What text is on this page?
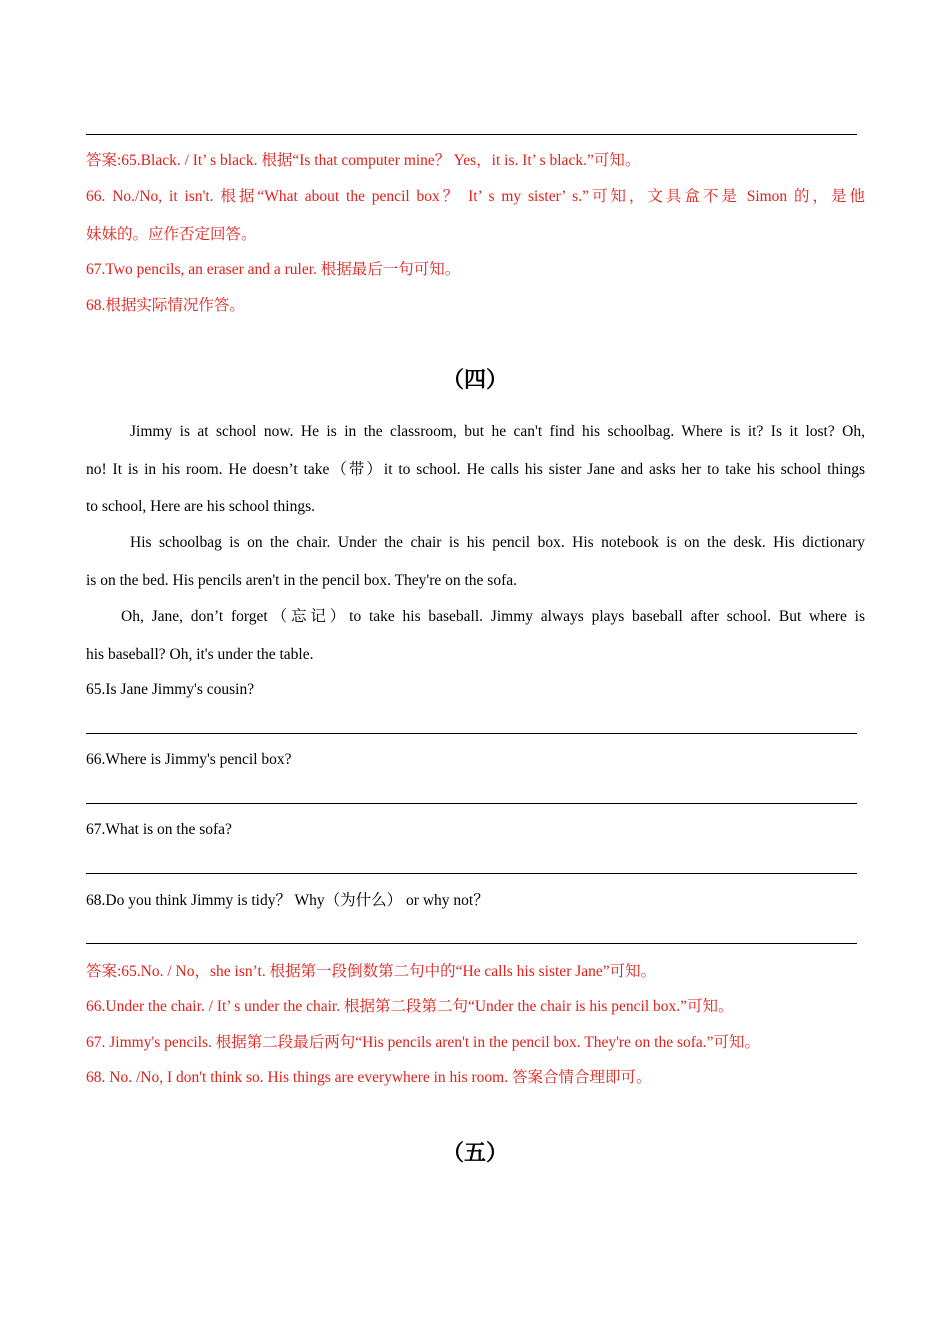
答案:65.Black. / It’ s black. 根据“Is that computer mine？ Yes，it is. It’ s black.”可知。
66. No./No, it isn't. 根据“What about the pencil box？ It’ s my sister’ s.”可知，文具盒不是 Simon 的，是他
妹妹的。应作否定回答。
67.Two pencils, an eraser and a ruler. 根据最后一句可知。
68.根据实际情况作答。
（四）
Jimmy is at school now. He is in the classroom, but he can't find his schoolbag. Where is it? Is it lost? Oh,
no! It is in his room. He doesn’t take（带）it to school. He calls his sister Jane and asks her to take his school things
to school, Here are his school things.
His schoolbag is on the chair. Under the chair is his pencil box. His notebook is on the desk. His dictionary
is on the bed. His pencils aren't in the pencil box. They're on the sofa.
Oh, Jane, don’t forget（忘记）to take his baseball. Jimmy always plays baseball after school. But where is
his baseball? Oh, it's under the table.
65.Is Jane Jimmy's cousin?
66.Where is Jimmy's pencil box?
67.What is on the sofa?
68.Do you think Jimmy is tidy？ Why（为什么） or why not？
答案:65.No. / No，she isn’t. 根据第一段倒数第二句中的“He calls his sister Jane”可知。
66.Under the chair. / It’ s under the chair. 根据第二段第二句“Under the chair is his pencil box.”可知。
67. Jimmy's pencils. 根据第二段最后两句“His pencils aren't in the pencil box. They're on the sofa.”可知。
68. No. /No, I don't think so. His things are everywhere in his room. 答案合情合理即可。
（五）
